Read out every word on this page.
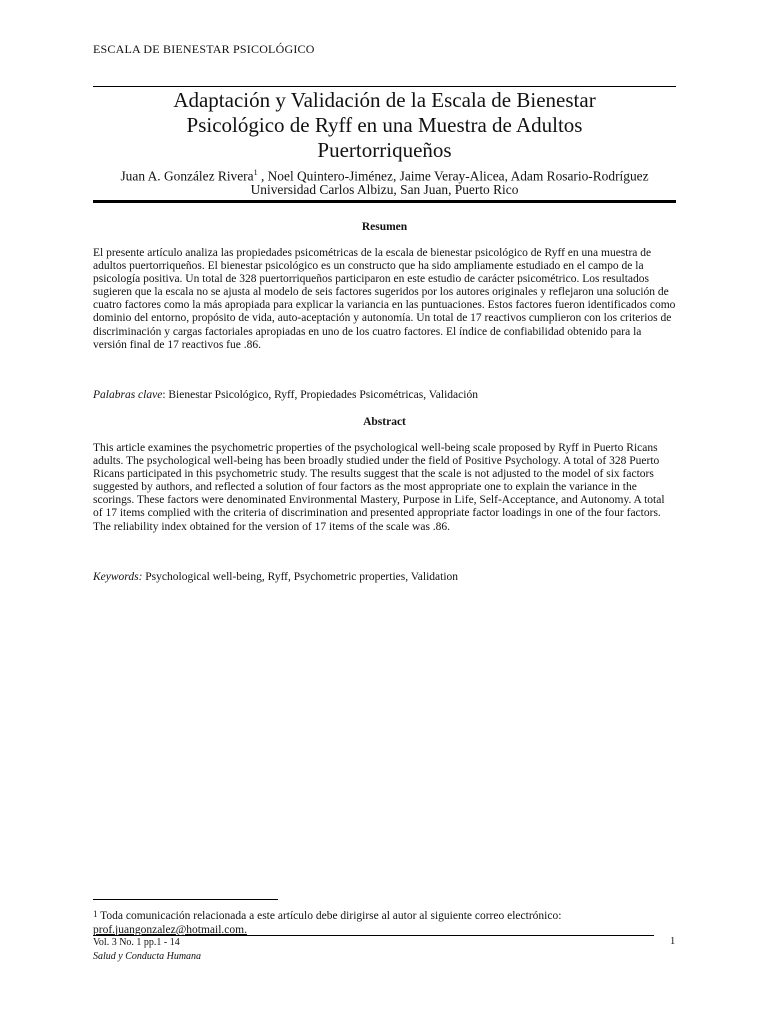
ESCALA DE BIENESTAR PSICOLÓGICO
Adaptación y Validación de la Escala de Bienestar
Psicológico de Ryff en una Muestra de Adultos
Puertorriqueños
Juan A. González Rivera$^1$ , Noel Quintero-Jiménez, Jaime Veray-Alicea, Adam Rosario-Rodríguez
Universidad Carlos Albizu, San Juan, Puerto Rico
Resumen
El presente artículo analiza las propiedades psicométricas de la escala de bienestar psicológico de Ryff en una muestra de adultos puertorriqueños. El bienestar psicológico es un constructo que ha sido ampliamente estudiado en el campo de la psicología positiva. Un total de 328 puertorriqueños participaron en este estudio de carácter psicométrico. Los resultados sugieren que la escala no se ajusta al modelo de seis factores sugeridos por los autores originales y reflejaron una solución de cuatro factores como la más apropiada para explicar la variancia en las puntuaciones. Estos factores fueron identificados como dominio del entorno, propósito de vida, auto-aceptación y autonomía. Un total de 17 reactivos cumplieron con los criterios de discriminación y cargas factoriales apropiadas en uno de los cuatro factores. El índice de confiabilidad obtenido para la versión final de 17 reactivos fue .86.
Palabras clave: Bienestar Psicológico, Ryff, Propiedades Psicométricas, Validación
Abstract
This article examines the psychometric properties of the psychological well-being scale proposed by Ryff in Puerto Ricans adults. The psychological well-being has been broadly studied under the field of Positive Psychology. A total of 328 Puerto Ricans participated in this psychometric study. The results suggest that the scale is not adjusted to the model of six factors suggested by authors, and reflected a solution of four factors as the most appropriate one to explain the variance in the scorings. These factors were denominated Environmental Mastery, Purpose in Life, Self-Acceptance, and Autonomy. A total of 17 items complied with the criteria of discrimination and presented appropriate factor loadings in one of the four factors. The reliability index obtained for the version of 17 items of the scale was .86.
Keywords: Psychological well-being, Ryff, Psychometric properties, Validation
1 Toda comunicación relacionada a este artículo debe dirigirse al autor al siguiente correo electrónico:
prof.juangonzalez@hotmail.com.
Vol. 3 No. 1 pp.1 - 14
Salud y Conducta Humana
1
